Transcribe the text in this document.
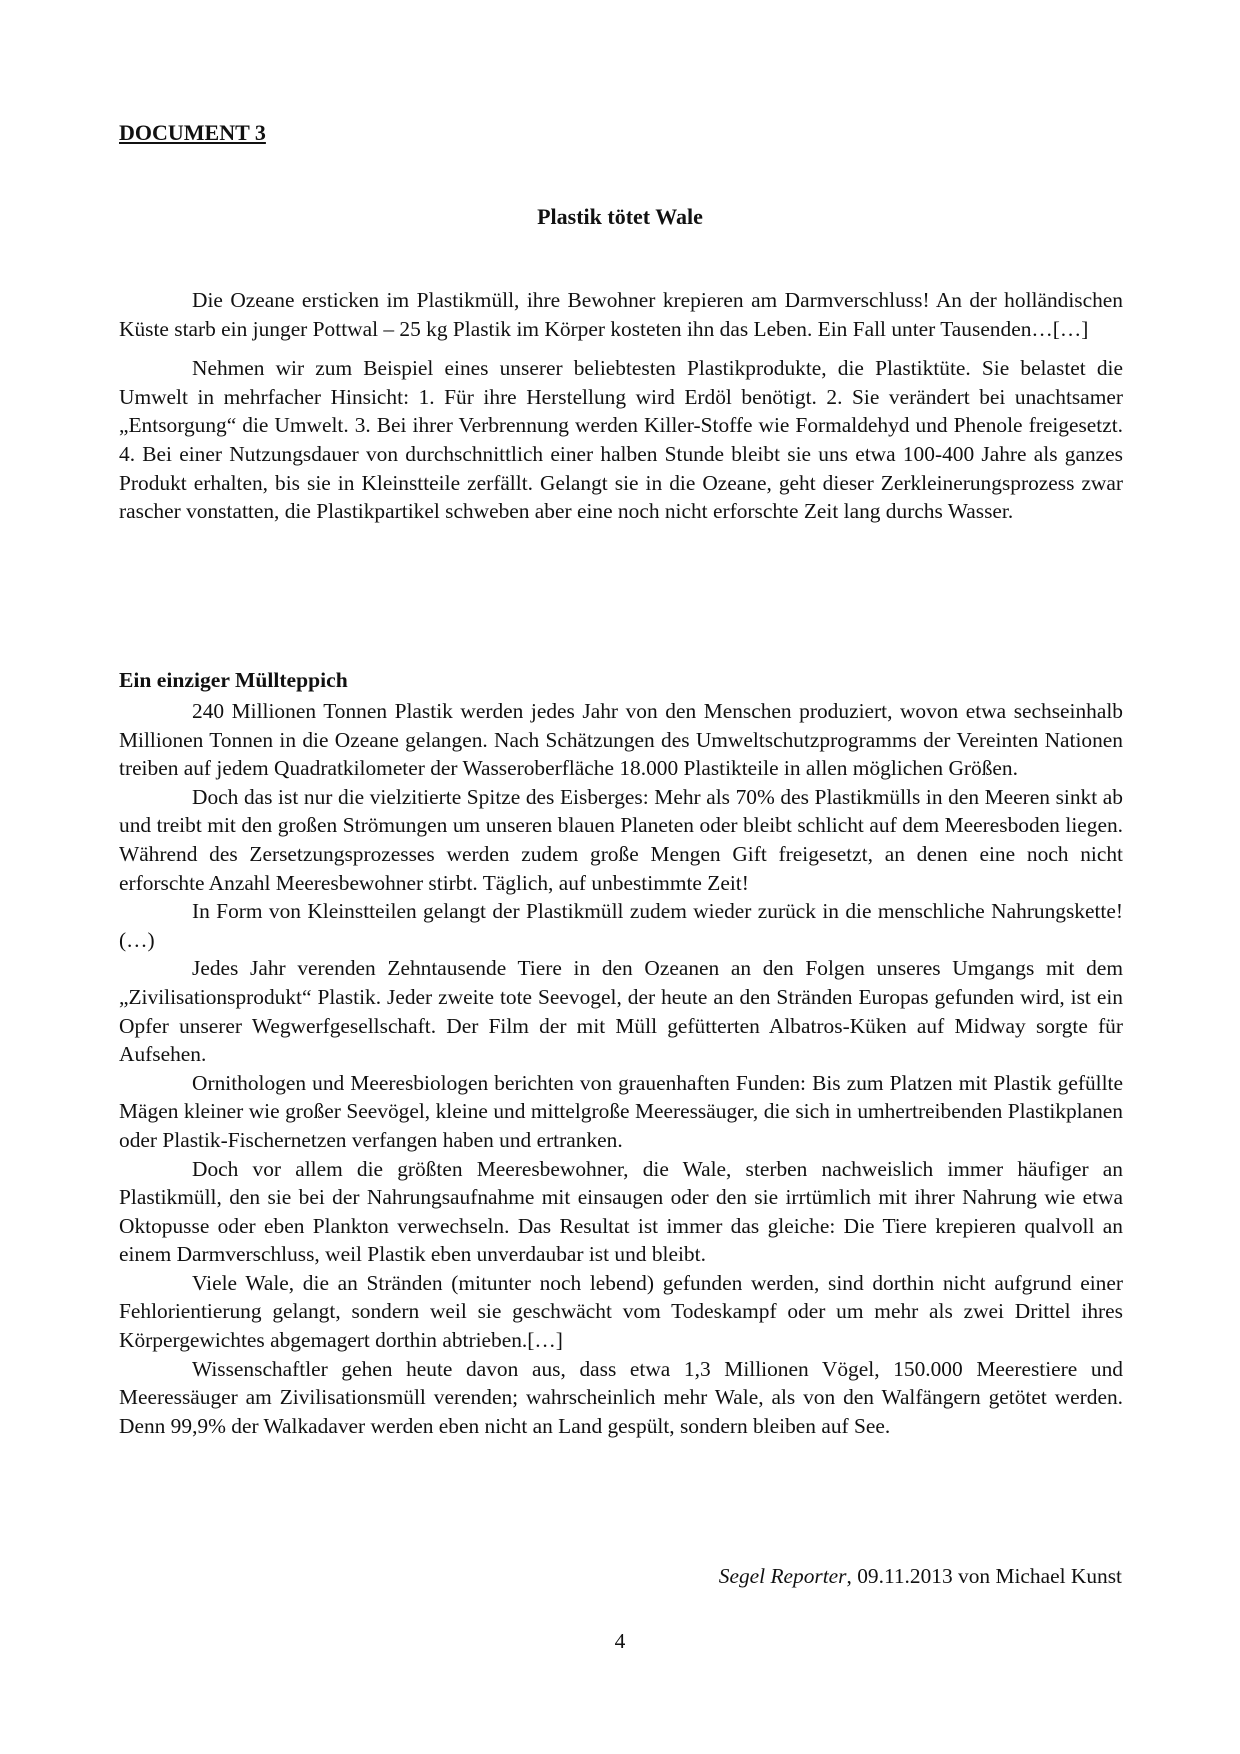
DOCUMENT 3
Plastik tötet Wale

Die Ozeane ersticken im Plastikmüll, ihre Bewohner krepieren am Darmverschluss! An der holländischen Küste starb ein junger Pottwal – 25 kg Plastik im Körper kosteten ihn das Leben. Ein Fall unter Tausenden…[…]

Nehmen wir zum Beispiel eines unserer beliebtesten Plastikprodukte, die Plastiktüte. Sie belastet die Umwelt in mehrfacher Hinsicht: 1. Für ihre Herstellung wird Erdöl benötigt. 2. Sie verändert bei unachtsamer „Entsorgung“ die Umwelt. 3. Bei ihrer Verbrennung werden Killer-Stoffe wie Formaldehyd und Phenole freigesetzt. 4. Bei einer Nutzungsdauer von durchschnittlich einer halben Stunde bleibt sie uns etwa 100-400 Jahre als ganzes Produkt erhalten, bis sie in Kleinstteile zerfällt. Gelangt sie in die Ozeane, geht dieser Zerkleinerungsprozess zwar rascher vonstatten, die Plastikpartikel schweben aber eine noch nicht erforschte Zeit lang durchs Wasser.

Ein einziger Müllteppich

240 Millionen Tonnen Plastik werden jedes Jahr von den Menschen produziert, wovon etwa sechseinhalb Millionen Tonnen in die Ozeane gelangen. Nach Schätzungen des Umweltschutzprogramms der Vereinten Nationen treiben auf jedem Quadratkilometer der Wasseroberfläche 18.000 Plastikteile in allen möglichen Größen.

Doch das ist nur die vielzitierte Spitze des Eisberges: Mehr als 70% des Plastikmülls in den Meeren sinkt ab und treibt mit den großen Strömungen um unseren blauen Planeten oder bleibt schlicht auf dem Meeresboden liegen. Während des Zersetzungsprozesses werden zudem große Mengen Gift freigesetzt, an denen eine noch nicht erforschte Anzahl Meeresbewohner stirbt. Täglich, auf unbestimmte Zeit!

In Form von Kleinstteilen gelangt der Plastikmüll zudem wieder zurück in die menschliche Nahrungskette! (…)

Jedes Jahr verenden Zehntausende Tiere in den Ozeanen an den Folgen unseres Umgangs mit dem „Zivilisationsprodukt“ Plastik. Jeder zweite tote Seevogel, der heute an den Stränden Europas gefunden wird, ist ein Opfer unserer Wegwerfgesellschaft. Der Film der mit Müll gefütterten Albatros-Küken auf Midway sorgte für Aufsehen.

Ornithologen und Meeresbiologen berichten von grauenhaften Funden: Bis zum Platzen mit Plastik gefüllte Mägen kleiner wie großer Seevögel, kleine und mittelgroße Meeressäuger, die sich in umhertreibenden Plastikplanen oder Plastik-Fischernetzen verfangen haben und ertranken.

Doch vor allem die größten Meeresbewohner, die Wale, sterben nachweislich immer häufiger an Plastikmüll, den sie bei der Nahrungsaufnahme mit einsaugen oder den sie irrtümlich mit ihrer Nahrung wie etwa Oktopusse oder eben Plankton verwechseln. Das Resultat ist immer das gleiche: Die Tiere krepieren qualvoll an einem Darmverschluss, weil Plastik eben unverdaubar ist und bleibt.

Viele Wale, die an Stränden (mitunter noch lebend) gefunden werden, sind dorthin nicht aufgrund einer Fehlorientierung gelangt, sondern weil sie geschwächt vom Todeskampf oder um mehr als zwei Drittel ihres Körpergewichtes abgemagert dorthin abtrieben.[…]

Wissenschaftler gehen heute davon aus, dass etwa 1,3 Millionen Vögel, 150.000 Meerestiere und Meeressäuger am Zivilisationsmüll verenden; wahrscheinlich mehr Wale, als von den Walfängern getötet werden. Denn 99,9% der Walkadaver werden eben nicht an Land gespült, sondern bleiben auf See.

Segel Reporter, 09.11.2013 von Michael Kunst
4
